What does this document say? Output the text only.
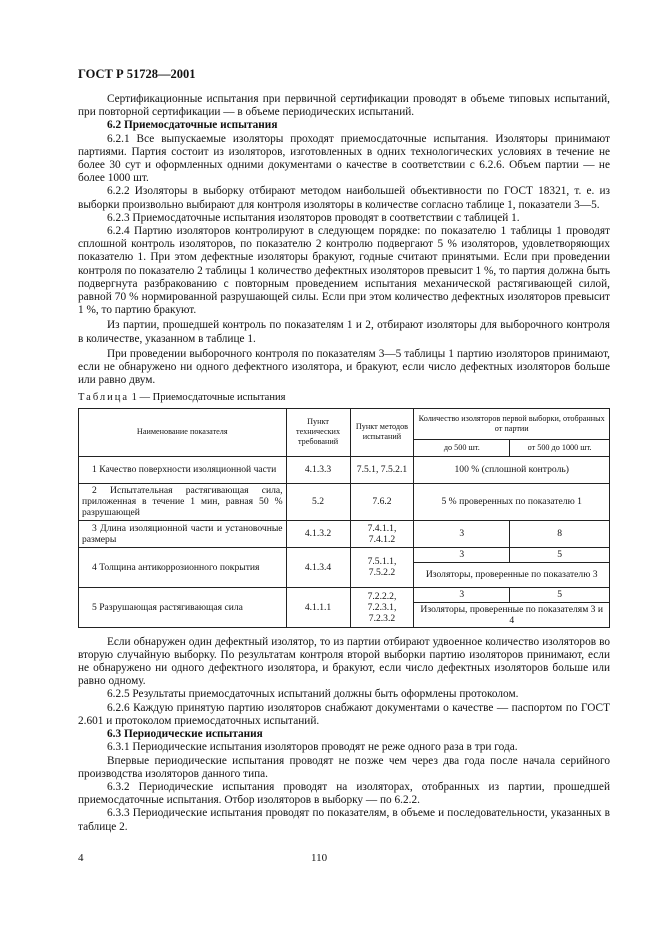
ГОСТ Р 51728—2001

Сертификационные испытания при первичной сертификации проводят в объеме типовых испытаний, при повторной сертификации — в объеме периодических испытаний.

6.2 Приемосдаточные испытания

6.2.1 Все выпускаемые изоляторы проходят приемосдаточные испытания. Изоляторы принимают партиями. Партия состоит из изоляторов, изготовленных в одних технологических условиях в течение не более 30 сут и оформленных одними документами о качестве в соответствии с 6.2.6. Объем партии — не более 1000 шт.

6.2.2 Изоляторы в выборку отбирают методом наибольшей объективности по ГОСТ 18321, т. е. из выборки произвольно выбирают для контроля изоляторы в количестве согласно таблице 1, показатели 3—5.

6.2.3 Приемосдаточные испытания изоляторов проводят в соответствии с таблицей 1.

6.2.4 Партию изоляторов контролируют в следующем порядке: по показателю 1 таблицы 1 проводят сплошной контроль изоляторов, по показателю 2 контролю подвергают 5 % изоляторов, удовлетворяющих показателю 1. При этом дефектные изоляторы бракуют, годные считают принятыми. Если при проведении контроля по показателю 2 таблицы 1 количество дефектных изоляторов превысит 1 %, то партия должна быть подвергнута разбракованию с повторным проведением испытания механической растягивающей силой, равной 70 % нормированной разрушающей силы. Если при этом количество дефектных изоляторов превысит 1 %, то партию бракуют.

Из партии, прошедшей контроль по показателям 1 и 2, отбирают изоляторы для выборочного контроля в количестве, указанном в таблице 1.

При проведении выборочного контроля по показателям 3—5 таблицы 1 партию изоляторов принимают, если не обнаружено ни одного дефектного изолятора, и бракуют, если число дефектных изоляторов больше или равно двум.

Таблица 1 — Приемосдаточные испытания

Наименование показателя	Пункт технических требований	Пункт методов испытаний	Количество изоляторов первой выборки, отобранных от партии	
			до 500 шт.	от 500 до 1000 шт.
1 Качество поверхности изоляционной части	4.1.3.3	7.5.1, 7.5.2.1	100 % (сплошной контроль)	
2 Испытательная растягивающая сила, приложенная в течение 1 мин, равная 50 % разрушающей	5.2	7.6.2	5 % проверенных по показателю 1	
3 Длина изоляционной части и установочные размеры	4.1.3.2	7.4.1.1, 7.4.1.2	3	8
4 Толщина антикоррозионного покрытия	4.1.3.4	7.5.1.1, 7.5.2.2	3	5
			Изоляторы, проверенные по показателю 3	
5 Разрушающая растягивающая сила	4.1.1.1	7.2.2.2, 7.2.3.1, 7.2.3.2	3	5
			Изоляторы, проверенные по показателям 3 и 4	

Если обнаружен один дефектный изолятор, то из партии отбирают удвоенное количество изоляторов во вторую случайную выборку. По результатам контроля второй выборки партию изоляторов принимают, если не обнаружено ни одного дефектного изолятора, и бракуют, если число дефектных изоляторов больше или равно одному.

6.2.5 Результаты приемосдаточных испытаний должны быть оформлены протоколом.

6.2.6 Каждую принятую партию изоляторов снабжают документами о качестве — паспортом по ГОСТ 2.601 и протоколом приемосдаточных испытаний.

6.3 Периодические испытания

6.3.1 Периодические испытания изоляторов проводят не реже одного раза в три года.

Впервые периодические испытания проводят не позже чем через два года после начала серийного производства изоляторов данного типа.

6.3.2 Периодические испытания проводят на изоляторах, отобранных из партии, прошедшей приемосдаточные испытания. Отбор изоляторов в выборку — по 6.2.2.

6.3.3 Периодические испытания проводят по показателям, в объеме и последовательности, указанных в таблице 2.

4	110
